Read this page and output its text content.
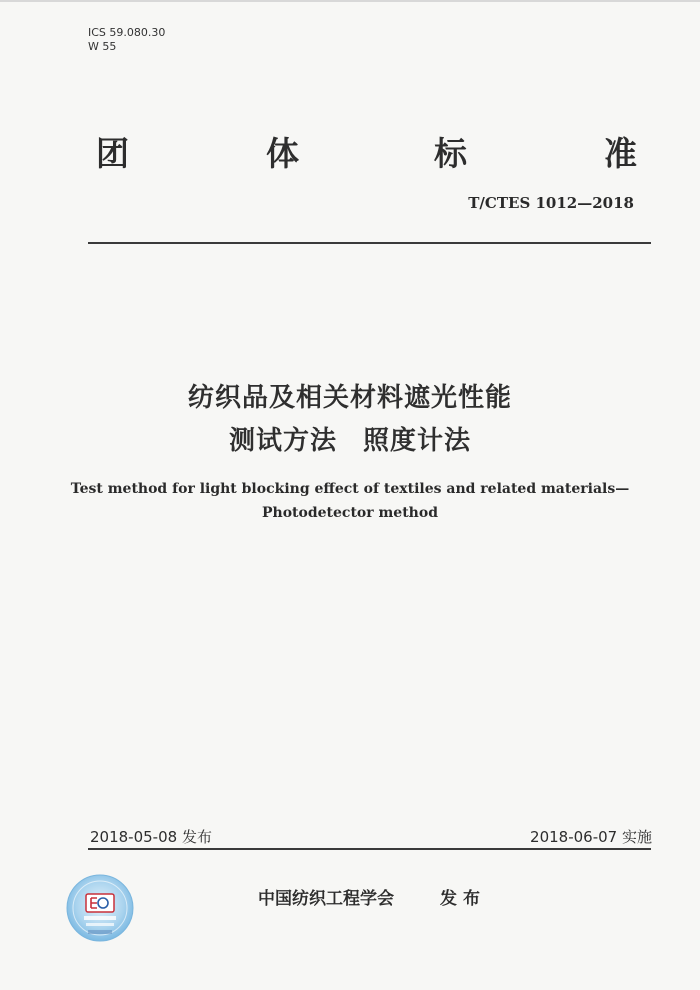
ICS 59.080.30
W 55
团	体	标	准
T/CTES 1012—2018
纺织品及相关材料遮光性能
测试方法 照度计法
Test method for light blocking effect of textiles and related materials—
Photodetector method
2018-05-08 发布	2018-06-07 实施
中国纺织工程学会	发布
